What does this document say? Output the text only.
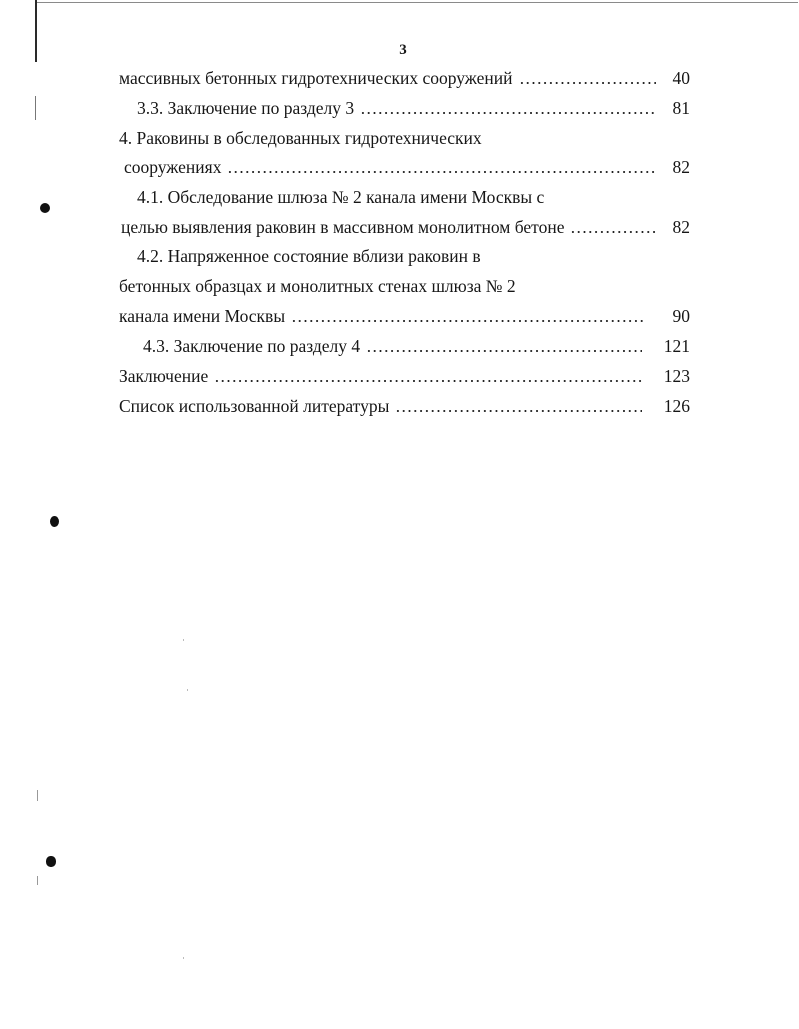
3
массивных бетонных гидротехнических сооружений	40
3.3. Заключение по разделу 3	81
4. Раковины в обследованных гидротехнических
сооружениях	82
4.1. Обследование шлюза № 2 канала имени Москвы с
целью выявления раковин в массивном монолитном бетоне	82
4.2. Напряженное состояние вблизи раковин в
бетонных образцах и монолитных стенах шлюза № 2
канала имени Москвы	90
4.3. Заключение по разделу 4	121
Заключение	123
Список использованной литературы	126
